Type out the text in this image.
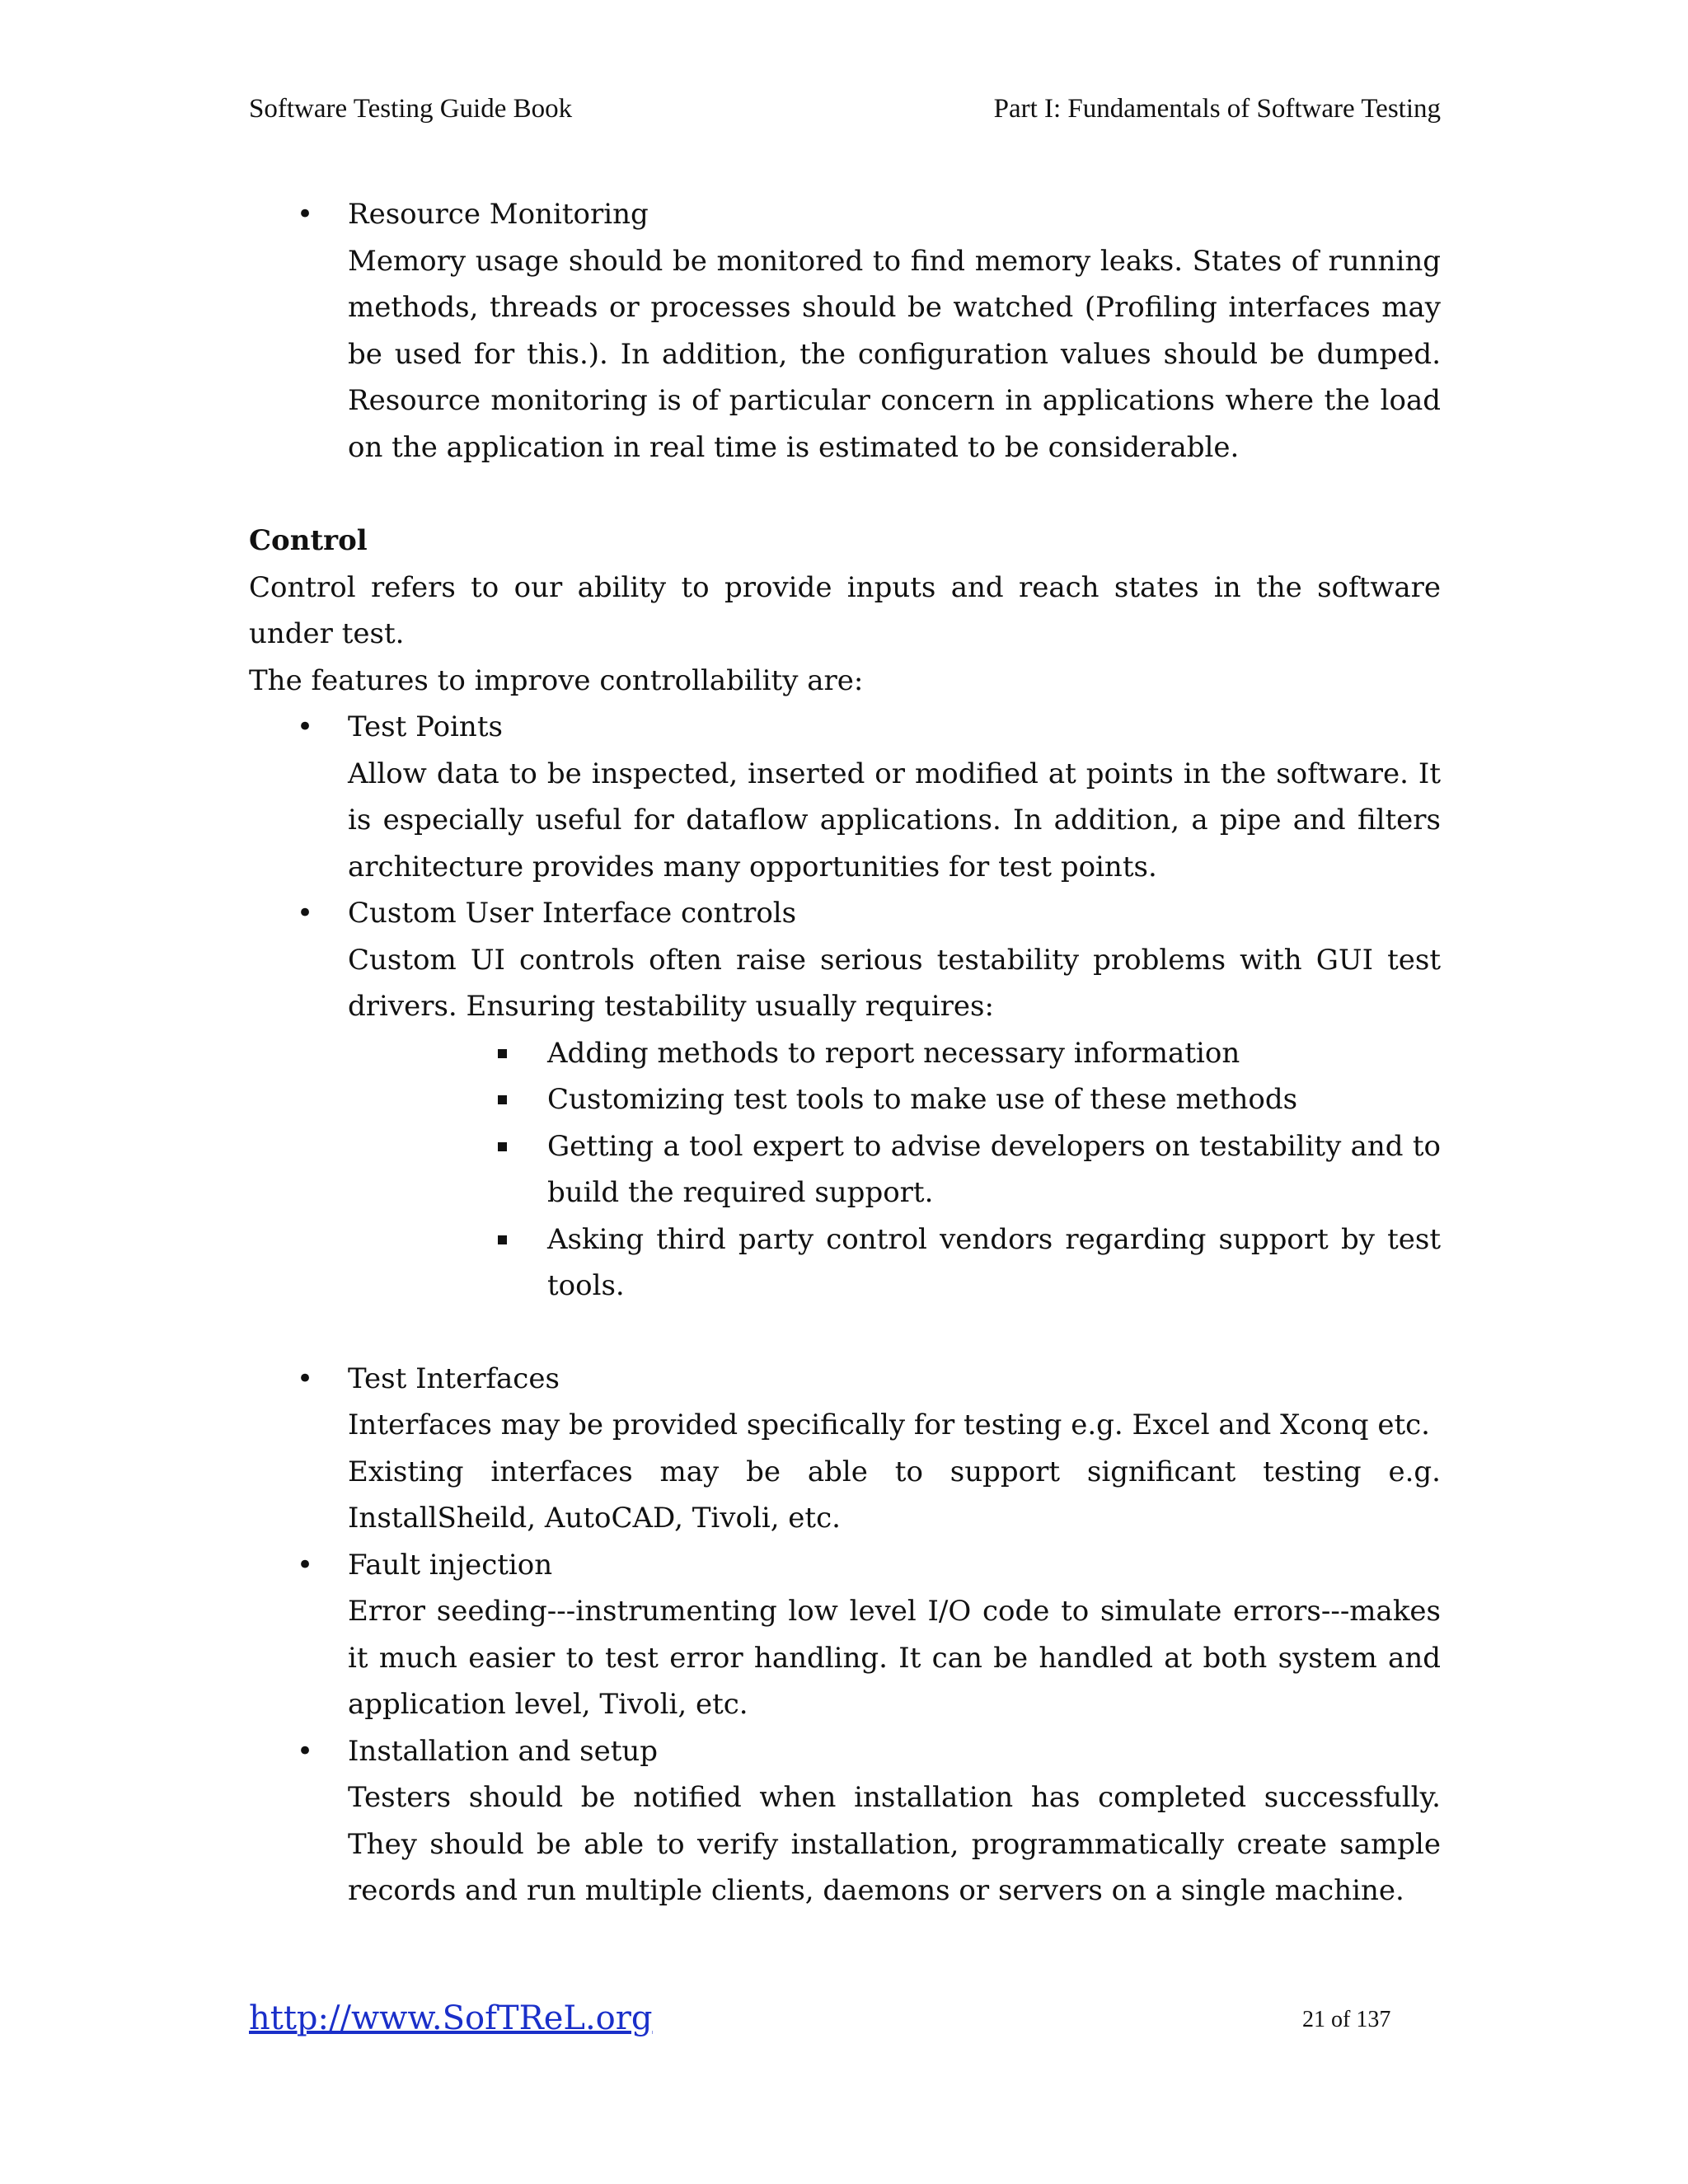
Software Testing Guide Book	Part I: Fundamentals of Software Testing
• Resource Monitoring
Memory usage should be monitored to find memory leaks. States of running methods, threads or processes should be watched (Profiling interfaces may be used for this.). In addition, the configuration values should be dumped. Resource monitoring is of particular concern in applications where the load on the application in real time is estimated to be considerable.
Control
Control refers to our ability to provide inputs and reach states in the software under test.
The features to improve controllability are:
• Test Points
Allow data to be inspected, inserted or modified at points in the software. It is especially useful for dataflow applications. In addition, a pipe and filters architecture provides many opportunities for test points.
• Custom User Interface controls
Custom UI controls often raise serious testability problems with GUI test drivers. Ensuring testability usually requires:
Adding methods to report necessary information
Customizing test tools to make use of these methods
Getting a tool expert to advise developers on testability and to build the required support.
Asking third party control vendors regarding support by test tools.
• Test Interfaces
Interfaces may be provided specifically for testing e.g. Excel and Xconq etc.
Existing interfaces may be able to support significant testing e.g. InstallSheild, AutoCAD, Tivoli, etc.
• Fault injection
Error seeding---instrumenting low level I/O code to simulate errors---makes it much easier to test error handling. It can be handled at both system and application level, Tivoli, etc.
• Installation and setup
Testers should be notified when installation has completed successfully. They should be able to verify installation, programmatically create sample records and run multiple clients, daemons or servers on a single machine.
http://www.SofTReL.org	21 of 137
